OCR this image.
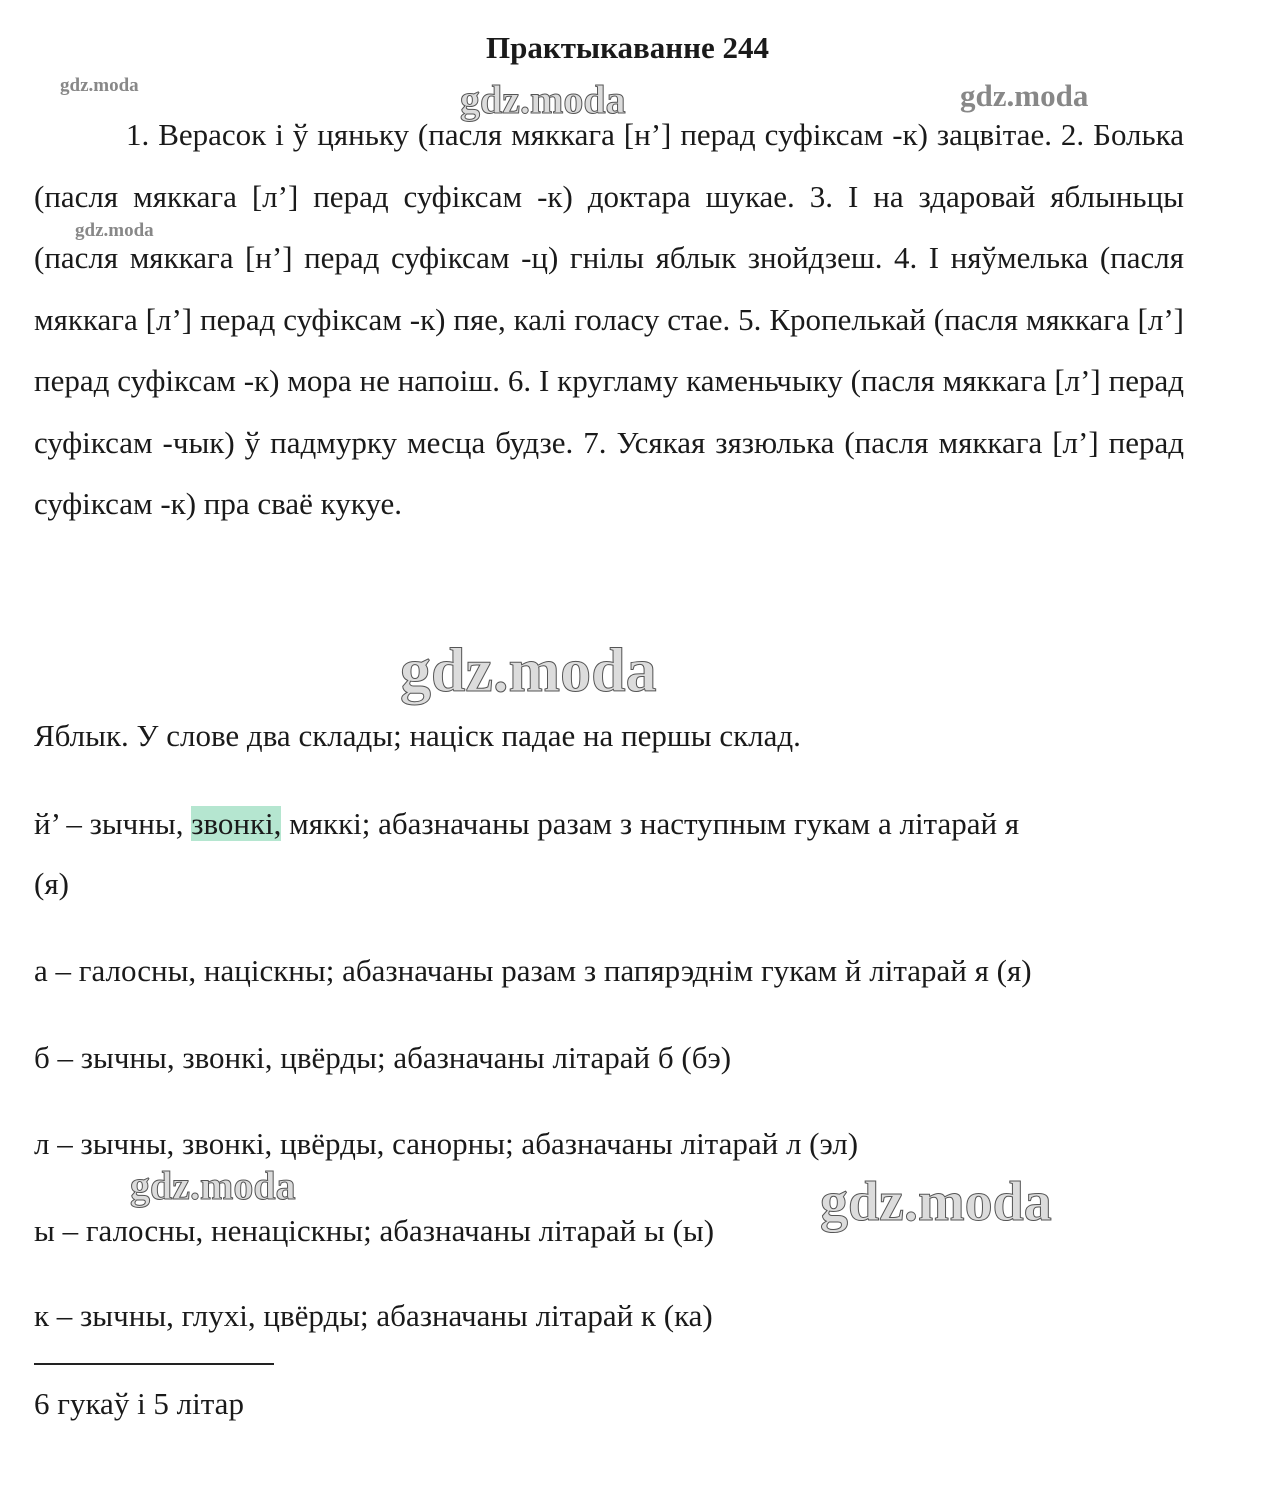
Практыкаванне 244
gdz.moda	gdz.moda	gdz.moda
gdz.moda

1. Верасок і ў цяньку (пасля мяккага [н’] перад суфіксам -к) зацвітае. 2. Болька (пасля мяккага [л’] перад суфіксам -к) доктара шукае. 3. І на здаровай яблыньцы (пасля мяккага [н’] перад суфіксам -ц) гнілы яблык знойдзеш. 4. І няўмелька (пасля мяккага [л’] перад суфіксам -к) пяе, калі голасу стае. 5. Кропелькай (пасля мяккага [л’] перад суфіксам -к) мора не напоіш. 6. І кругламу каменьчыку (пасля мяккага [л’] перад суфіксам -чык) ў падмурку месца будзе. 7. Усякая зязюлька (пасля мяккага [л’] перад суфіксам -к) пра сваё кукуе.

gdz.moda
Яблык. У слове два склады; націск падае на першы склад.
й’ – зычны, звонкі, мяккі; абазначаны разам з наступным гукам а літарай я
(я)
а – галосны, націскны; абазначаны разам з папярэднім гукам й літарай я (я)
б – зычны, звонкі, цвёрды; абазначаны літарай б (бэ)
л – зычны, звонкі, цвёрды, санорны; абазначаны літарай л (эл)
gdz.moda	gdz.moda
ы – галосны, ненаціскны; абазначаны літарай ы (ы)
к – зычны, глухі, цвёрды; абазначаны літарай к (ка)
6 гукаў і 5 літар
